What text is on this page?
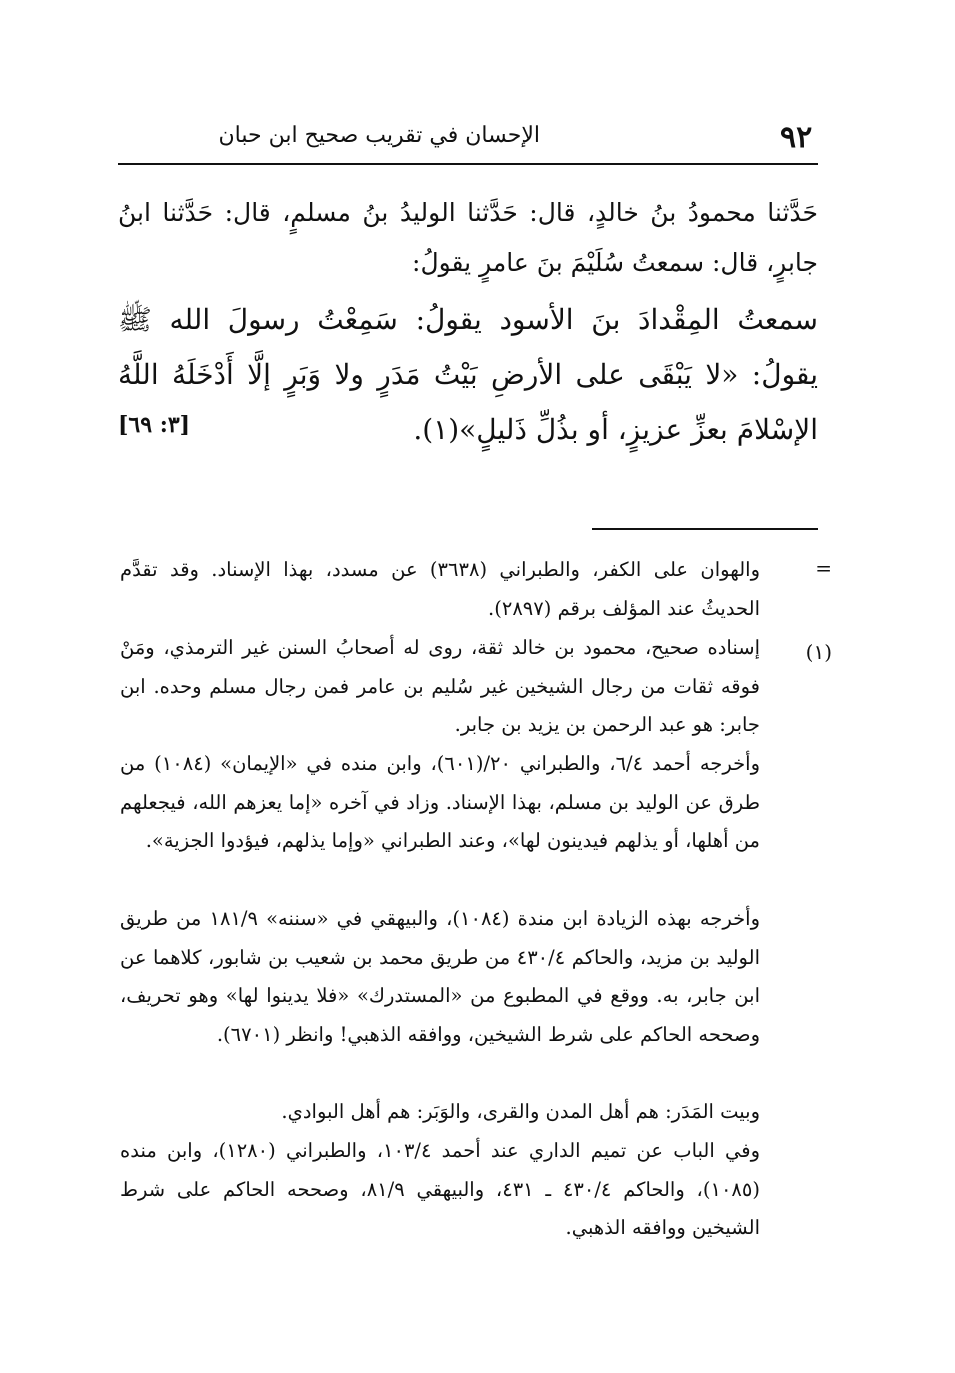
٩٢
الإحسان في تقريب صحيح ابن حبان
حَدَّثنا محمودُ بنُ خالدٍ، قال: حَدَّثنا الوليدُ بنُ مسلمٍ، قال: حَدَّثنا ابنُ جابرٍ، قال: سمعتُ سُلَيْمَ بنَ عامرٍ يقولُ:
سمعتُ المِقْدادَ بنَ الأسود يقولُ: سَمِعْتُ رسولَ الله ﷺ يقولُ: «لا يَبْقَى على الأرضِ بَيْتُ مَدَرٍ ولا وَبَرٍ إلَّا أَدْخَلَهُ اللَّهُ الإسْلامَ بعزِّ عزيزٍ، أو بذُلِّ ذَليلٍ»(١).
[٣: ٦٩]
=
والهوان على الكفر، والطبراني (٣٦٣٨) عن مسدد، بهذا الإسناد. وقد تقدَّم الحديثُ عند المؤلف برقم (٢٨٩٧).
(١)
إسناده صحيح، محمود بن خالد ثقة، روى له أصحابُ السنن غير الترمذي، ومَنْ فوقه ثقات من رجال الشيخين غير سُليم بن عامر فمن رجال مسلم وحده. ابن جابر: هو عبد الرحمن بن يزيد بن جابر.
وأخرجه أحمد ٦/٤، والطبراني ٢٠/(٦٠١)، وابن منده في «الإيمان» (١٠٨٤) من طرق عن الوليد بن مسلم، بهذا الإسناد. وزاد في آخره «إما يعزهم الله، فيجعلهم من أهلها، أو يذلهم فيدينون لها»، وعند الطبراني «وإما يذلهم، فيؤدوا الجزية».
وأخرجه بهذه الزيادة ابن مندة (١٠٨٤)، والبيهقي في «سننه» ١٨١/٩ من طريق الوليد بن مزيد، والحاكم ٤٣٠/٤ من طريق محمد بن شعيب بن شابور، كلاهما عن ابن جابر، به. ووقع في المطبوع من «المستدرك» «فلا يدينوا لها» وهو تحريف، وصححه الحاكم على شرط الشيخين، ووافقه الذهبي! وانظر (٦٧٠١).
وبيت المَدَر: هم أهل المدن والقرى، والوَبَر: هم أهل البوادي.
وفي الباب عن تميم الداري عند أحمد ١٠٣/٤، والطبراني (١٢٨٠)، وابن منده (١٠٨٥)، والحاكم ٤٣٠/٤ ـ ٤٣١، والبيهقي ٨١/٩، وصححه الحاكم على شرط الشيخين ووافقه الذهبي.
